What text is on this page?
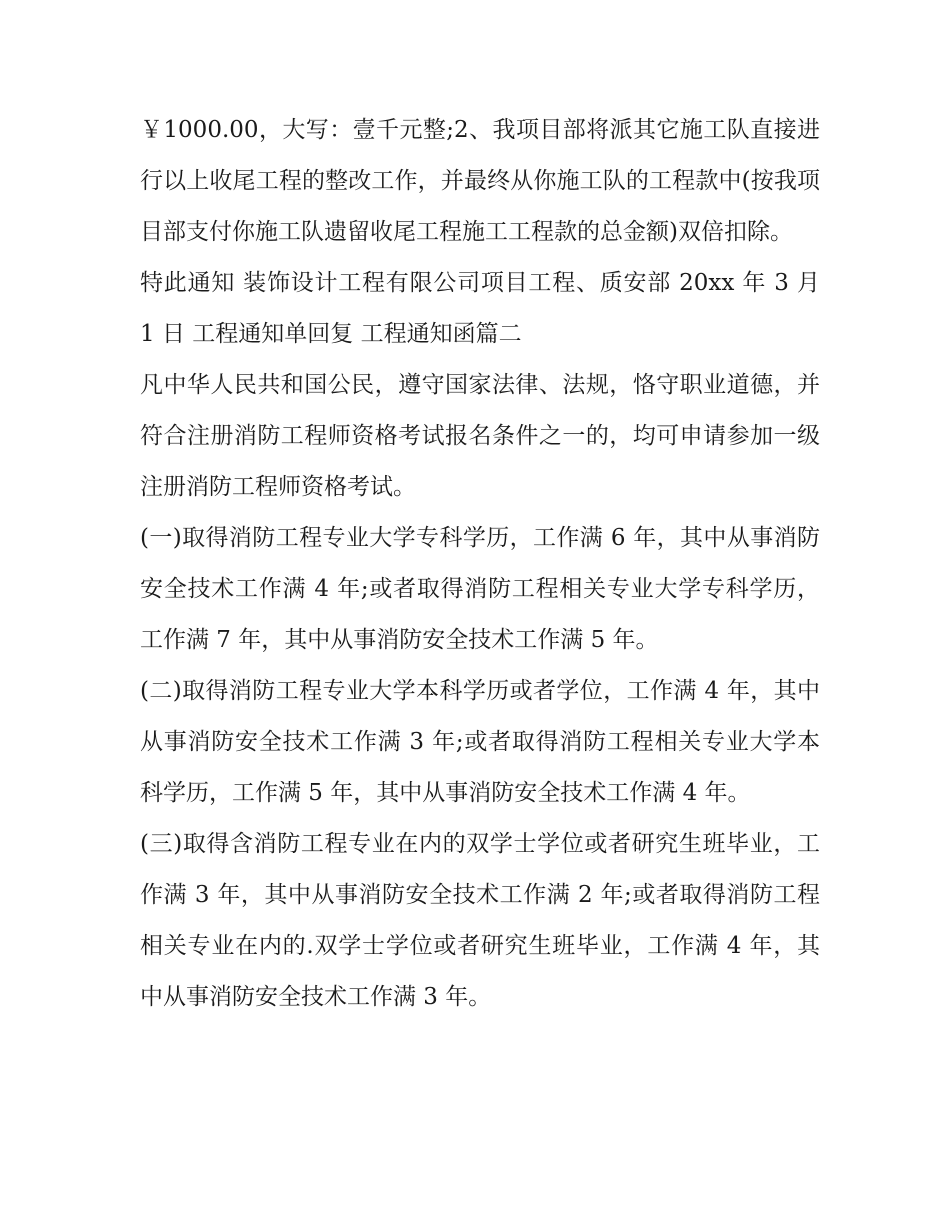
￥1000.00，大写：壹千元整;2、我项目部将派其它施工队直接进行以上收尾工程的整改工作，并最终从你施工队的工程款中(按我项目部支付你施工队遗留收尾工程施工工程款的总金额)双倍扣除。

特此通知 装饰设计工程有限公司项目工程、质安部 20xx 年 3 月 1 日 工程通知单回复 工程通知函篇二

凡中华人民共和国公民，遵守国家法律、法规，恪守职业道德，并符合注册消防工程师资格考试报名条件之一的，均可申请参加一级注册消防工程师资格考试。

(一)取得消防工程专业大学专科学历，工作满 6 年，其中从事消防安全技术工作满 4 年;或者取得消防工程相关专业大学专科学历，工作满 7 年，其中从事消防安全技术工作满 5 年。

(二)取得消防工程专业大学本科学历或者学位，工作满 4 年，其中从事消防安全技术工作满 3 年;或者取得消防工程相关专业大学本科学历，工作满 5 年，其中从事消防安全技术工作满 4 年。

(三)取得含消防工程专业在内的双学士学位或者研究生班毕业，工作满 3 年，其中从事消防安全技术工作满 2 年;或者取得消防工程相关专业在内的.双学士学位或者研究生班毕业，工作满 4 年，其中从事消防安全技术工作满 3 年。
